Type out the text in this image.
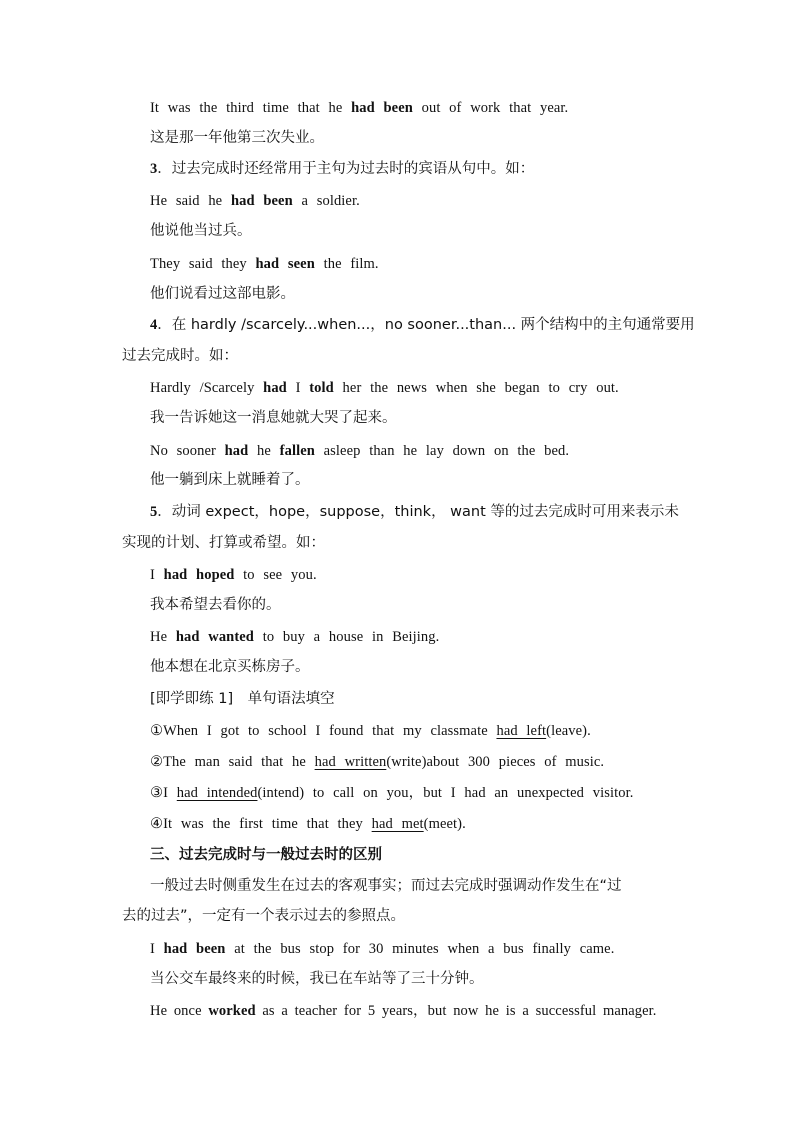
It was the third time that he had been out of work that year.
这是那一年他第三次失业。
3．过去完成时还经常用于主句为过去时的宾语从句中。如：
He said he had been a soldier.
他说他当过兵。
They said they had seen the film.
他们说看过这部电影。
4．在 hardly /scarcely...when...，no sooner...than... 两个结构中的主句通常要用
过去完成时。如：
Hardly /Scarcely had I told her the news when she began to cry out.
我一告诉她这一消息她就大哭了起来。
No sooner had he fallen asleep than he lay down on the bed.
他一躺到床上就睡着了。
5．动词 expect，hope，suppose，think， want 等的过去完成时可用来表示未
实现的计划、打算或希望。如：
I had hoped to see you.
我本希望去看你的。
He had wanted to buy a house in Beijing.
他本想在北京买栋房子。
[即学即练 1]　单句语法填空
①When I got to school I found that my classmate had left(leave).
②The man said that he had written(write)about 300 pieces of music.
③I had intended(intend) to call on you，but I had an unexpected visitor.
④It was the first time that they had met(meet).
三、过去完成时与一般过去时的区别
一般过去时侧重发生在过去的客观事实；而过去完成时强调动作发生在“过
去的过去”，一定有一个表示过去的参照点。
I had been at the bus stop for 30 minutes when a bus finally came.
当公交车最终来的时候，我已在车站等了三十分钟。
He once worked as a teacher for 5 years，but now he is a successful manager.
